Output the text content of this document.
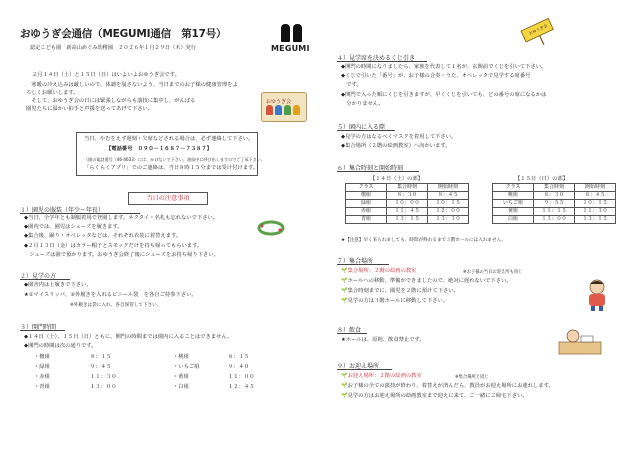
おゆうぎ会通信（MEGUMI通信　第17号）
認定こども園　新高山めぐみ幼稚園　２０２６年１月２９日（木）発行	MEGUMI
２月１４日（土）と１５日（日）はいよいよおゆうぎ会です。
　寒暖の冷え込みは厳しいので、体調を崩さないよう、当日までのお子様の健康管理をよ
ろしくお願いします。
　そして、おゆうぎ会の日には緊張しながらも演技に集中し、がんばる
園児たちに温かい拍手と声援を送ってあげて下さい。
おゆうぎ会
当日、やむをえず遅刻・欠席などされる場合は、必ず連絡して下さい。
【電話番号　０９０－１６８７－７３８７】
（園の電話番号（46-4633）には、かけないで下さい。演技中に呼び出しますのでご了承下さい。
「らくらくアプリ」でのご連絡は、当日８時１５分までは受け付けます。
当日の注意事項
１）園児の服装（年少～年長）
◆当日、全学年とも制服着用で登園します。ネクタイ・名札も忘れないで下さい。
◆園内では、園児はシューズを履きます。
◆集合後、踊り・オペレッタなどは、それぞれ衣装に着替えます。
◆２月１３日（金）はカラー帽子とスモックだけを持ち帰ってもらいます。
　シューズは園で預かります。おゆうぎ会終了後にシューズをお持ち帰り下さい。
２）見学の方
◆園舎内は上履きで下さい。
★①マイスリッパ、②外履きを入れるビニール袋　を各自ご持参下さい。
　　　　　　　　　　※外履きは袋に入れ、各自保管して下さい。
３）開門時間
◆１４日（土）、１５日（日）ともに、開門の時間までは園内に入ることはできません。
◆開門の時間は次の通りです。
・檀組	８：１５
・緑組	９：４５
・赤組	１１：３０
・青組	１３：００
・桃組	８：１５
・いちご組	９：４０
・黄組	１１：００
・白組	１２：４５
おゆうぎ会
４）見学席を決めるくじ引き
◆開門の時間になりましたら、家族を代表して１名が、玄関前でくじを引いて下さい。
◆くじで引いた「番号」が、お子様の合奏・うた、オペレッタで見学する席番号
　です。
◆開門で入った順にくじを引きますが、早くくじを引いても、どの番号の席になるかは
　分かりません。
５）園内に入る際
◆見学の方はなるべくマスクを着用して下さい。
◆集合場所（２階の絵画教室）へ向かいます。
６）集合時刻と開始時刻
【１４日（土）の部】	【１５日（日）の部】
クラス	集合時刻	開始時刻
檀組	８：３０	８：４５
緑組	１０：００	１０：１５
赤組	１１：４５	１２：００
青組	１３：１５	１３：３０
クラス	集合時刻	開始時刻
桃組	８：３０	８：４５
いちご組	９：５５	１０：１５
黄組	１１：１５	１１：３０
白組	１３：００	１３：１５
★【注意】早く来られましても、時間が終わるまで３階ホールには入れません。
７）集合場所
🌱集合場所：２階の絵画の教室	※お子様の当日お迎え所も同じ
🌱ホールへの移動、準備ができましたので、絶対に遅れないで下さい。
🌱集合時刻までに、園児を２階に預けて下さい。
🌱見学の方は３階ホールに移動して下さい。
８）飲食
★ホールは、原則、飲食禁止です。
９）お迎え場所
🌱お迎え場所：２階の絵画の教室	※集合場所と同じ
🌱お子様の全ての演技が終わり、着替えが済んだら、教員がお迎え場所にお連れします。
🌱見学の方はお迎え場所の絵画教室まで迎えに来て、ご一緒にご帰宅下さい。
